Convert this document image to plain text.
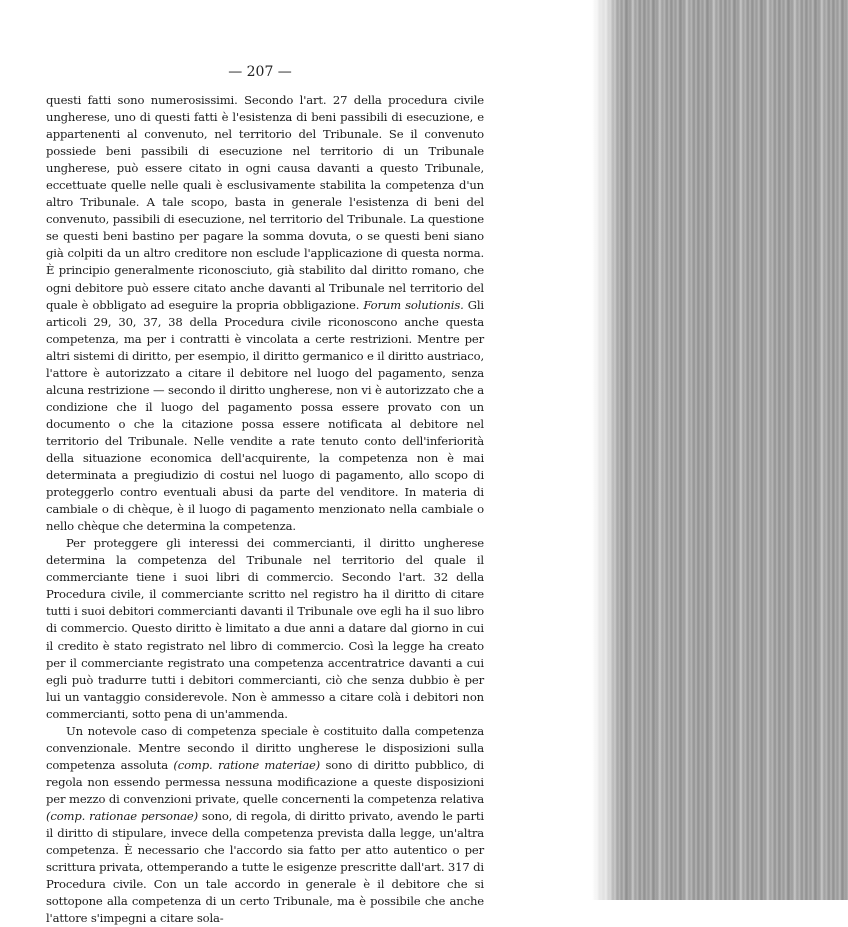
— 207 —

questi fatti sono numerosissimi. Secondo l'art. 27 della procedura civile ungherese, uno di questi fatti è l'esistenza di beni passibili di esecuzione, e appartenenti al convenuto, nel territorio del Tribunale. Se il convenuto possiede beni passibili di esecuzione nel territorio di un Tribunale ungherese, può essere citato in ogni causa davanti a questo Tribunale, eccettuate quelle nelle quali è esclusivamente stabilita la competenza d'un altro Tribunale. A tale scopo, basta in generale l'esistenza di beni del convenuto, passibili di esecuzione, nel territorio del Tribunale. La questione se questi beni bastino per pagare la somma dovuta, o se questi beni siano già colpiti da un altro creditore non esclude l'applicazione di questa norma. È principio generalmente riconosciuto, già stabilito dal diritto romano, che ogni debitore può essere citato anche davanti al Tribunale nel territorio del quale è obbligato ad eseguire la propria obbligazione. Forum solutionis. Gli articoli 29, 30, 37, 38 della Procedura civile riconoscono anche questa competenza, ma per i contratti è vincolata a certe restrizioni. Mentre per altri sistemi di diritto, per esempio, il diritto germanico e il diritto austriaco, l'attore è autorizzato a citare il debitore nel luogo del pagamento, senza alcuna restrizione — secondo il diritto ungherese, non vi è autorizzato che a condizione che il luogo del pagamento possa essere provato con un documento o che la citazione possa essere notificata al debitore nel territorio del Tribunale. Nelle vendite a rate tenuto conto dell'inferiorità della situazione economica dell'acquirente, la competenza non è mai determinata a pregiudizio di costui nel luogo di pagamento, allo scopo di proteggerlo contro eventuali abusi da parte del venditore. In materia di cambiale o di chèque, è il luogo di pagamento menzionato nella cambiale o nello chèque che determina la competenza.

Per proteggere gli interessi dei commercianti, il diritto ungherese determina la competenza del Tribunale nel territorio del quale il commerciante tiene i suoi libri di commercio. Secondo l'art. 32 della Procedura civile, il commerciante scritto nel registro ha il diritto di citare tutti i suoi debitori commercianti davanti il Tribunale ove egli ha il suo libro di commercio. Questo diritto è limitato a due anni a datare dal giorno in cui il credito è stato registrato nel libro di commercio. Così la legge ha creato per il commerciante registrato una competenza accentratrice davanti a cui egli può tradurre tutti i debitori commercianti, ciò che senza dubbio è per lui un vantaggio considerevole. Non è ammesso a citare colà i debitori non commercianti, sotto pena di un'ammenda.

Un notevole caso di competenza speciale è costituito dalla competenza convenzionale. Mentre secondo il diritto ungherese le disposizioni sulla competenza assoluta (comp. ratione materiae) sono di diritto pubblico, di regola non essendo permessa nessuna modificazione a queste disposizioni per mezzo di convenzioni private, quelle concernenti la competenza relativa (comp. rationae personae) sono, di regola, di diritto privato, avendo le parti il diritto di stipulare, invece della competenza prevista dalla legge, un'altra competenza. È necessario che l'accordo sia fatto per atto autentico o per scrittura privata, ottemperando a tutte le esigenze prescritte dall'art. 317 di Procedura civile. Con un tale accordo in generale è il debitore che si sottopone alla competenza di un certo Tribunale, ma è possibile che anche l'attore s'impegni a citare sola-
